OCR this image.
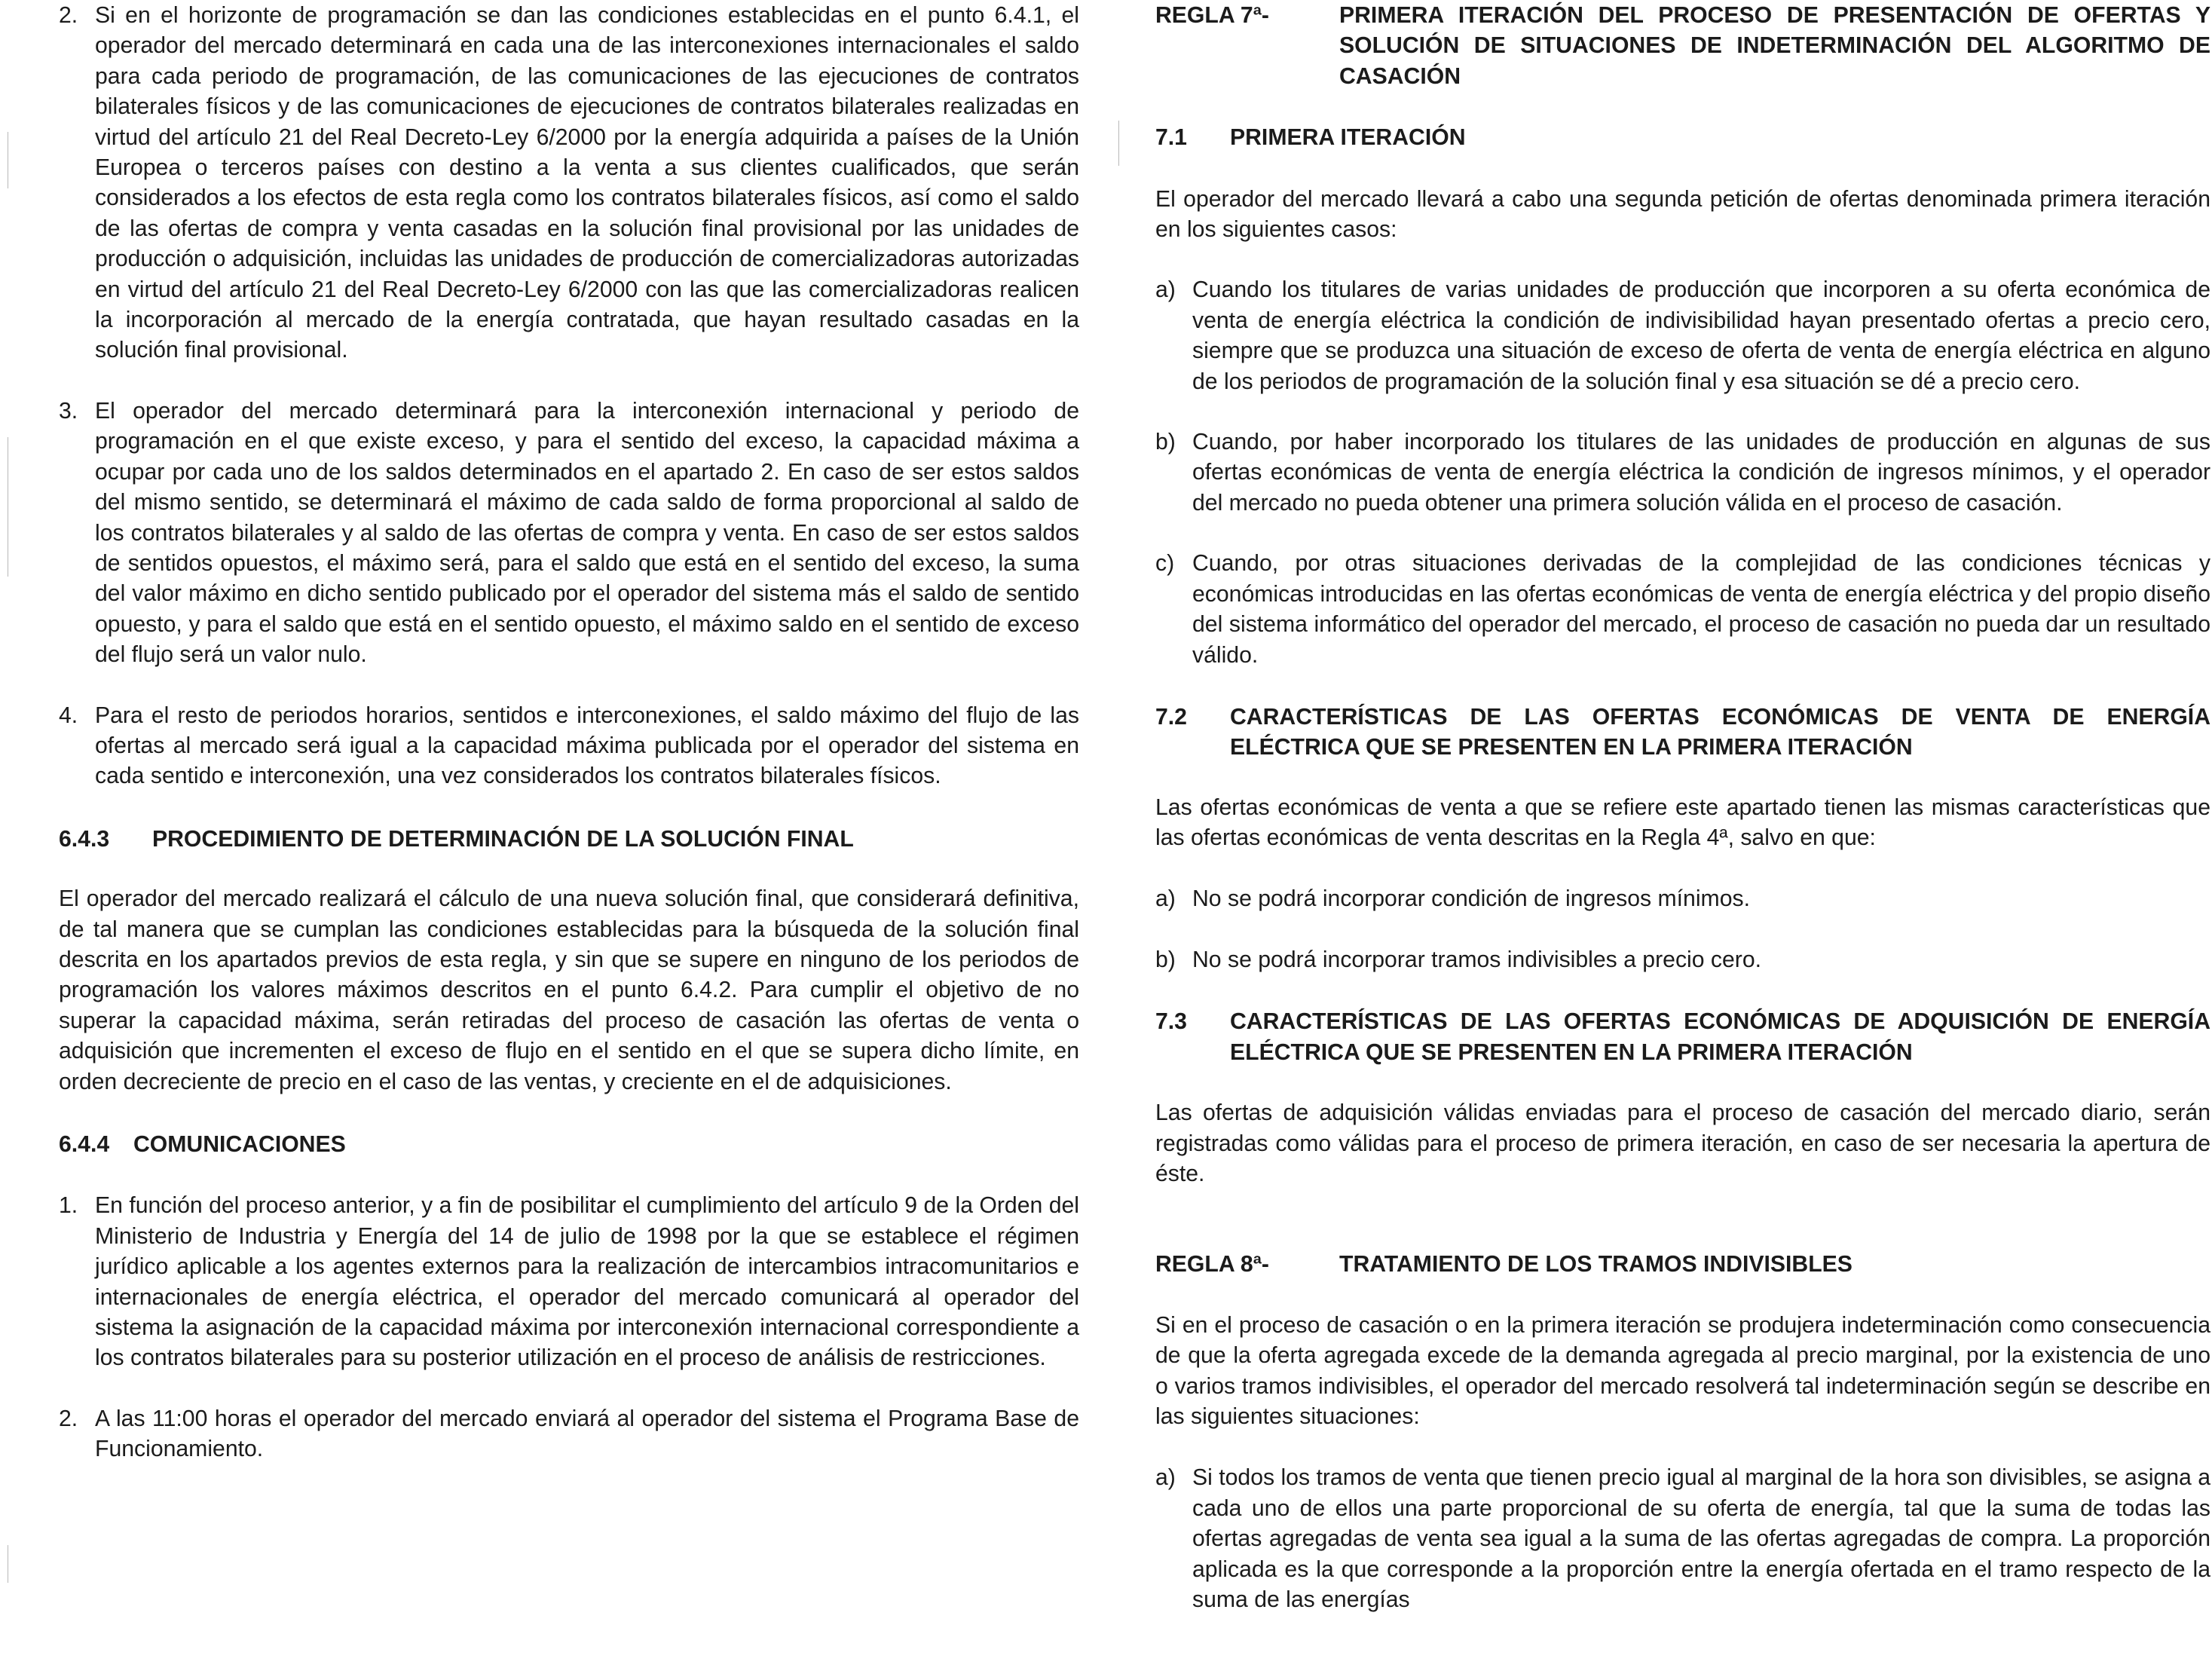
2. Si en el horizonte de programación se dan las condiciones establecidas en el punto 6.4.1, el operador del mercado determinará en cada una de las interconexiones internacionales el saldo para cada periodo de programación, de las comunicaciones de las ejecuciones de contratos bilaterales físicos y de las comunicaciones de ejecuciones de contratos bilaterales realizadas en virtud del artículo 21 del Real Decreto-Ley 6/2000 por la energía adquirida a países de la Unión Europea o terceros países con destino a la venta a sus clientes cualificados, que serán considerados a los efectos de esta regla como los contratos bilaterales físicos, así como el saldo de las ofertas de compra y venta casadas en la solución final provisional por las unidades de producción o adquisición, incluidas las unidades de producción de comercializadoras autorizadas en virtud del artículo 21 del Real Decreto-Ley 6/2000 con las que las comercializadoras realicen la incorporación al mercado de la energía contratada, que hayan resultado casadas en la solución final provisional.

3. El operador del mercado determinará para la interconexión internacional y periodo de programación en el que existe exceso, y para el sentido del exceso, la capacidad máxima a ocupar por cada uno de los saldos determinados en el apartado 2. En caso de ser estos saldos del mismo sentido, se determinará el máximo de cada saldo de forma proporcional al saldo de los contratos bilaterales y al saldo de las ofertas de compra y venta. En caso de ser estos saldos de sentidos opuestos, el máximo será, para el saldo que está en el sentido del exceso, la suma del valor máximo en dicho sentido publicado por el operador del sistema más el saldo de sentido opuesto, y para el saldo que está en el sentido opuesto, el máximo saldo en el sentido de exceso del flujo será un valor nulo.

4. Para el resto de periodos horarios, sentidos e interconexiones, el saldo máximo del flujo de las ofertas al mercado será igual a la capacidad máxima publicada por el operador del sistema en cada sentido e interconexión, una vez considerados los contratos bilaterales físicos.

6.4.3 PROCEDIMIENTO DE DETERMINACIÓN DE LA SOLUCIÓN FINAL

El operador del mercado realizará el cálculo de una nueva solución final, que considerará definitiva, de tal manera que se cumplan las condiciones establecidas para la búsqueda de la solución final descrita en los apartados previos de esta regla, y sin que se supere en ninguno de los periodos de programación los valores máximos descritos en el punto 6.4.2. Para cumplir el objetivo de no superar la capacidad máxima, serán retiradas del proceso de casación las ofertas de venta o adquisición que incrementen el exceso de flujo en el sentido en el que se supera dicho límite, en orden decreciente de precio en el caso de las ventas, y creciente en el de adquisiciones.

6.4.4 COMUNICACIONES
1. En función del proceso anterior, y a fin de posibilitar el cumplimiento del artículo 9 de la Orden del Ministerio de Industria y Energía del 14 de julio de 1998 por la que se establece el régimen jurídico aplicable a los agentes externos para la realización de intercambios intracomunitarios e internacionales de energía eléctrica, el operador del mercado comunicará al operador del sistema la asignación de la capacidad máxima por interconexión internacional correspondiente a los contratos bilaterales para su posterior utilización en el proceso de análisis de restricciones.

2. A las 11:00 horas el operador del mercado enviará al operador del sistema el Programa Base de Funcionamiento.

REGLA 7ª-	PRIMERA ITERACIÓN DEL PROCESO DE PRESENTACIÓN DE OFERTAS Y SOLUCIÓN DE SITUACIONES DE INDETERMINACIÓN DEL ALGORITMO DE CASACIÓN
7.1 PRIMERA ITERACIÓN

El operador del mercado llevará a cabo una segunda petición de ofertas denominada primera iteración en los siguientes casos:

a) Cuando los titulares de varias unidades de producción que incorporen a su oferta económica de venta de energía eléctrica la condición de indivisibilidad hayan presentado ofertas a precio cero, siempre que se produzca una situación de exceso de oferta de venta de energía eléctrica en alguno de los periodos de programación de la solución final y esa situación se dé a precio cero.

b) Cuando, por haber incorporado los titulares de las unidades de producción en algunas de sus ofertas económicas de venta de energía eléctrica la condición de ingresos mínimos, y el operador del mercado no pueda obtener una primera solución válida en el proceso de casación.

c) Cuando, por otras situaciones derivadas de la complejidad de las condiciones técnicas y económicas introducidas en las ofertas económicas de venta de energía eléctrica y del propio diseño del sistema informático del operador del mercado, el proceso de casación no pueda dar un resultado válido.

7.2 CARACTERÍSTICAS DE LAS OFERTAS ECONÓMICAS DE VENTA DE ENERGÍA ELÉCTRICA QUE SE PRESENTEN EN LA PRIMERA ITERACIÓN

Las ofertas económicas de venta a que se refiere este apartado tienen las mismas características que las ofertas económicas de venta descritas en la Regla 4ª, salvo en que:

a) No se podrá incorporar condición de ingresos mínimos.

b) No se podrá incorporar tramos indivisibles a precio cero.

7.3 CARACTERÍSTICAS DE LAS OFERTAS ECONÓMICAS DE ADQUISICIÓN DE ENERGÍA ELÉCTRICA QUE SE PRESENTEN EN LA PRIMERA ITERACIÓN

Las ofertas de adquisición válidas enviadas para el proceso de casación del mercado diario, serán registradas como válidas para el proceso de primera iteración, en caso de ser necesaria la apertura de éste.

REGLA 8ª-	TRATAMIENTO DE LOS TRAMOS INDIVISIBLES

Si en el proceso de casación o en la primera iteración se produjera indeterminación como consecuencia de que la oferta agregada excede de la demanda agregada al precio marginal, por la existencia de uno o varios tramos indivisibles, el operador del mercado resolverá tal indeterminación según se describe en las siguientes situaciones:

a) Si todos los tramos de venta que tienen precio igual al marginal de la hora son divisibles, se asigna a cada uno de ellos una parte proporcional de su oferta de energía, tal que la suma de todas las ofertas agregadas de venta sea igual a la suma de las ofertas agregadas de compra. La proporción aplicada es la que corresponde a la proporción entre la energía ofertada en el tramo respecto de la suma de las energías
